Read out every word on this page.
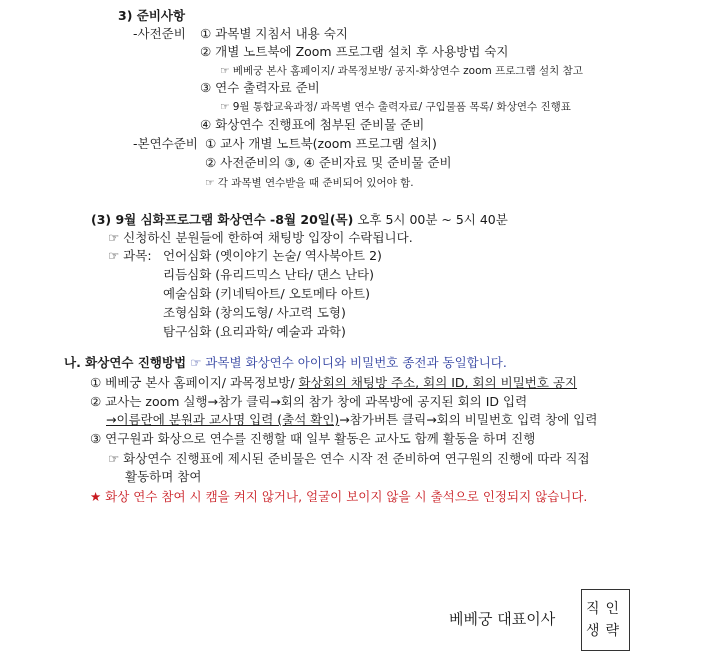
3) 준비사항
-사전준비 ① 과목별 지침서 내용 숙지
② 개별 노트북에 Zoom 프로그램 설치 후 사용방법 숙지
☞ 베베궁 본사 홈페이지/ 과목정보방/ 공지-화상연수 zoom 프로그램 설치 참고
③ 연수 출력자료 준비
☞ 9월 통합교육과정/ 과목별 연수 출력자료/ 구입물품 목록/ 화상연수 진행표
④ 화상연수 진행표에 첨부된 준비물 준비
-본연수준비 ① 교사 개별 노트북(zoom 프로그램 설치)
② 사전준비의 ③, ④ 준비자료 및 준비물 준비
☞ 각 과목별 연수받을 때 준비되어 있어야 함.
(3) 9월 심화프로그램 화상연수 -8월 20일(목) 오후 5시 00분 ~ 5시 40분
☞ 신청하신 분원들에 한하여 채팅방 입장이 수락됩니다.
☞ 과목: 언어심화 (옛이야기 논술/ 역사북아트 2)
리듬심화 (유리드믹스 난타/ 댄스 난타)
예술심화 (키네틱아트/ 오토메타 아트)
조형심화 (창의도형/ 사고력 도형)
탐구심화 (요리과학/ 예술과 과학)
나. 화상연수 진행방법 ☞ 과목별 화상연수 아이디와 비밀번호 종전과 동일합니다.
① 베베궁 본사 홈페이지/ 과목정보방/ 화상회의 채팅방 주소, 회의 ID, 회의 비밀번호 공지
② 교사는 zoom 실행→참가 클릭→회의 참가 창에 과목방에 공지된 회의 ID 입력
→이름란에 분원과 교사명 입력 (출석 확인)→참가버튼 클릭→회의 비밀번호 입력 창에 입력
③ 연구원과 화상으로 연수를 진행할 때 일부 활동은 교사도 함께 활동을 하며 진행
☞ 화상연수 진행표에 제시된 준비물은 연수 시작 전 준비하여 연구원의 진행에 따라 직접
활동하며 참여
★ 화상 연수 참여 시 캠을 켜지 않거나, 얼굴이 보이지 않을 시 출석으로 인정되지 않습니다.
베베궁 대표이사
직인
생략
